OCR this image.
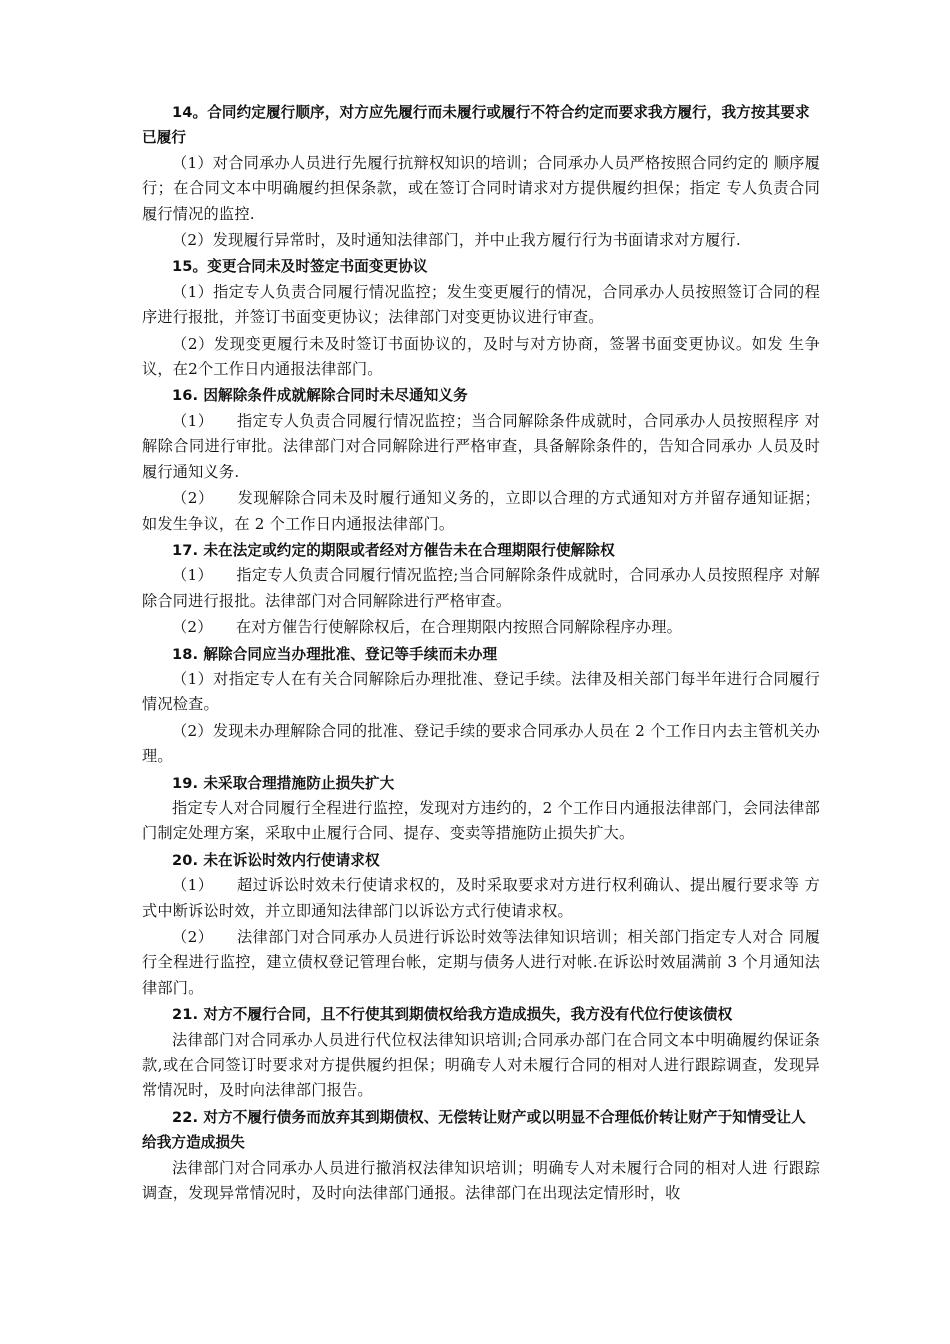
14。合同约定履行顺序，对方应先履行而未履行或履行不符合约定而要求我方履行，我方按其要求已履行

（1）对合同承办人员进行先履行抗辩权知识的培训；合同承办人员严格按照合同约定的 顺序履行；在合同文本中明确履约担保条款，或在签订合同时请求对方提供履约担保；指定 专人负责合同履行情况的监控.

（2）发现履行异常时，及时通知法律部门，并中止我方履行行为书面请求对方履行.

15。变更合同未及时签定书面变更协议

（1）指定专人负责合同履行情况监控；发生变更履行的情况，合同承办人员按照签订合同的程序进行报批，并签订书面变更协议；法律部门对变更协议进行审查。

（2）发现变更履行未及时签订书面协议的，及时与对方协商，签署书面变更协议。如发 生争议，在2个工作日内通报法律部门。

16. 因解除条件成就解除合同时未尽通知义务

（1）　　指定专人负责合同履行情况监控；当合同解除条件成就时，合同承办人员按照程序 对解除合同进行审批。法律部门对合同解除进行严格审查，具备解除条件的，告知合同承办 人员及时履行通知义务.

（2）　　发现解除合同未及时履行通知义务的，立即以合理的方式通知对方并留存通知证据； 如发生争议，在 2 个工作日内通报法律部门。

17. 未在法定或约定的期限或者经对方催告未在合理期限行使解除权

（1）　　指定专人负责合同履行情况监控;当合同解除条件成就时，合同承办人员按照程序 对解除合同进行报批。法律部门对合同解除进行严格审查。

（2）　　在对方催告行使解除权后，在合理期限内按照合同解除程序办理。

18. 解除合同应当办理批准、登记等手续而未办理

（1）对指定专人在有关合同解除后办理批准、登记手续。法律及相关部门每半年进行合同履行情况检查。

（2）发现未办理解除合同的批准、登记手续的要求合同承办人员在 2 个工作日内去主管机关办理。

19. 未采取合理措施防止损失扩大

指定专人对合同履行全程进行监控，发现对方违约的，2 个工作日内通报法律部门，会同法律部门制定处理方案，采取中止履行合同、提存、变卖等措施防止损失扩大。

20. 未在诉讼时效内行使请求权

（1）　　超过诉讼时效未行使请求权的，及时采取要求对方进行权利确认、提出履行要求等 方式中断诉讼时效，并立即通知法律部门以诉讼方式行使请求权。

（2）　　法律部门对合同承办人员进行诉讼时效等法律知识培训；相关部门指定专人对合 同履行全程进行监控，建立债权登记管理台帐，定期与债务人进行对帐.在诉讼时效届满前 3 个月通知法律部门。

21. 对方不履行合同，且不行使其到期债权给我方造成损失，我方没有代位行使该债权

法律部门对合同承办人员进行代位权法律知识培训;合同承办部门在合同文本中明确履约保证条款,或在合同签订时要求对方提供履约担保；明确专人对未履行合同的相对人进行跟踪调查，发现异常情况时，及时向法律部门报告。

22. 对方不履行债务而放弃其到期债权、无偿转让财产或以明显不合理低价转让财产于知情受让人给我方造成损失

法律部门对合同承办人员进行撤消权法律知识培训；明确专人对未履行合同的相对人进 行跟踪调查，发现异常情况时，及时向法律部门通报。法律部门在出现法定情形时，收
